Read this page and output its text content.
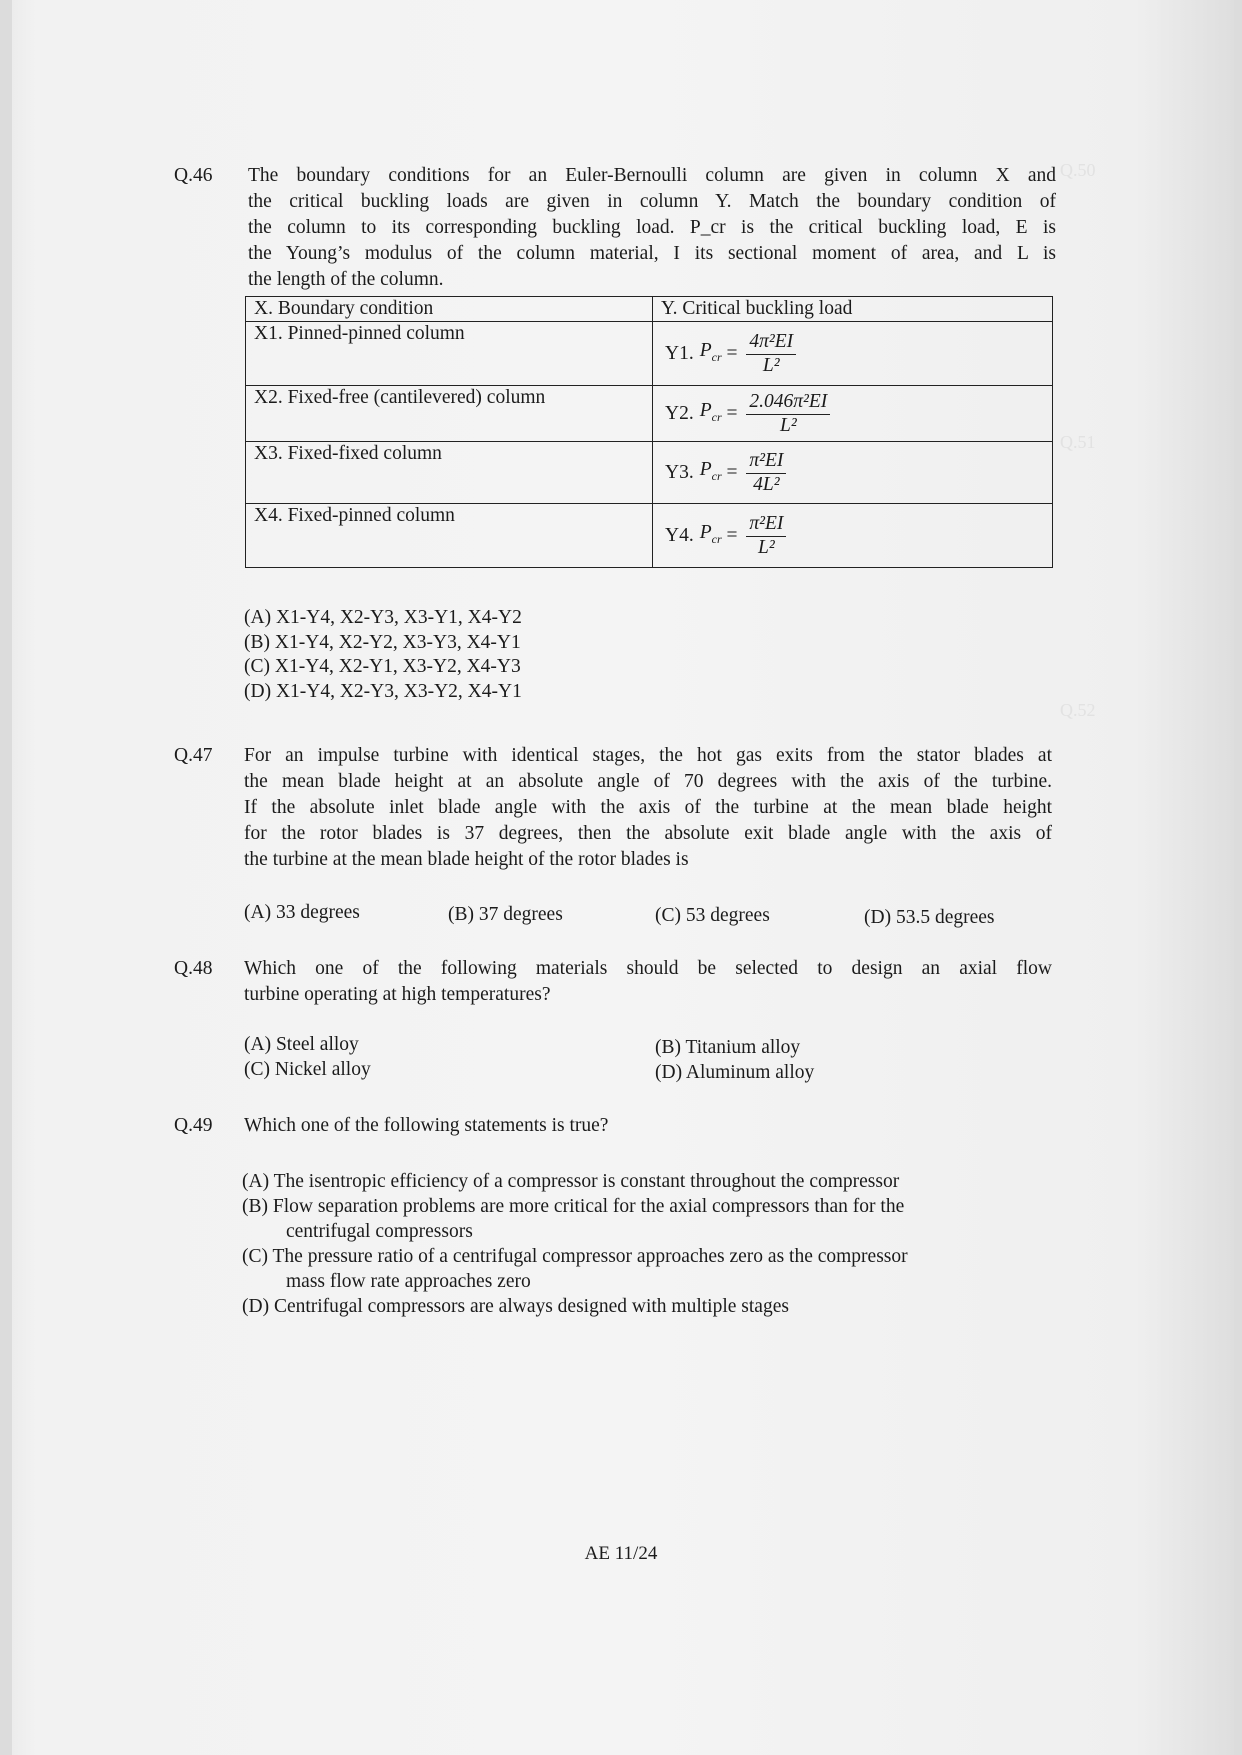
Q.50
Q.51
Q.52
Q.46 The boundary conditions for an Euler-Bernoulli column are given in column X and
the critical buckling loads are given in column Y. Match the boundary condition of
the column to its corresponding buckling load. P_cr is the critical buckling load, E is
the Young’s modulus of the column material, I its sectional moment of area, and L is
the length of the column.
X. Boundary condition	Y. Critical buckling load
X1. Pinned-pinned column	Y1. $P_{cr} = \frac{\text{4π²EI}}{\text{L²}}$

X2. Fixed-free (cantilevered) column	Y2. $P_{cr} = \frac{\text{2.046π²EI}}{\text{L²}}$

X3. Fixed-fixed column	Y3. $P_{cr} = \frac{\text{π²EI}}{\text{4L²}}$

X4. Fixed-pinned column	Y4. $P_{cr} = \frac{\text{π²EI}}{\text{L²}}$
(A) X1-Y4, X2-Y3, X3-Y1, X4-Y2
(B) X1-Y4, X2-Y2, X3-Y3, X4-Y1
(C) X1-Y4, X2-Y1, X3-Y2, X4-Y3
(D) X1-Y4, X2-Y3, X3-Y2, X4-Y1
Q.47 For an impulse turbine with identical stages, the hot gas exits from the stator blades at
the mean blade height at an absolute angle of 70 degrees with the axis of the turbine.
If the absolute inlet blade angle with the axis of the turbine at the mean blade height
for the rotor blades is 37 degrees, then the absolute exit blade angle with the axis of
the turbine at the mean blade height of the rotor blades is
(A) 33 degrees	(B) 37 degrees	(C) 53 degrees	(D) 53.5 degrees
Q.48 Which one of the following materials should be selected to design an axial flow
turbine operating at high temperatures?
(A) Steel alloy	(B) Titanium alloy
(C) Nickel alloy	(D) Aluminum alloy
Q.49 Which one of the following statements is true?
(A) The isentropic efficiency of a compressor is constant throughout the compressor
(B) Flow separation problems are more critical for the axial compressors than for the
centrifugal compressors
(C) The pressure ratio of a centrifugal compressor approaches zero as the compressor
mass flow rate approaches zero
(D) Centrifugal compressors are always designed with multiple stages
AE 11/24
